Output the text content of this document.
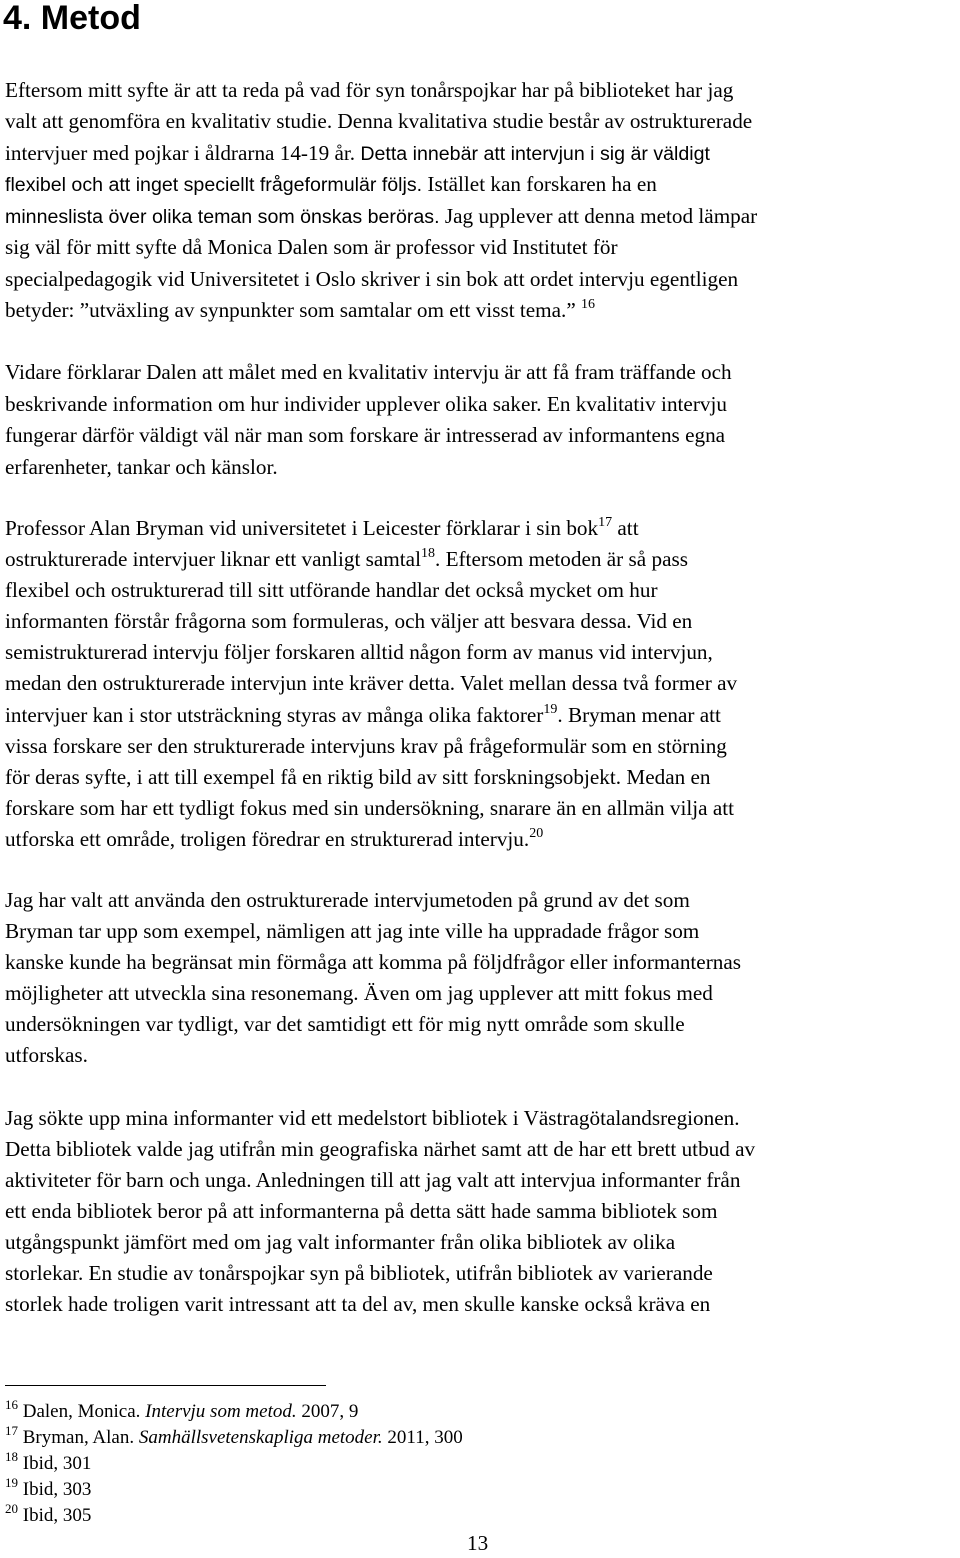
4. Metod

Eftersom mitt syfte är att ta reda på vad för syn tonårspojkar har på biblioteket har jag

valt att genomföra en kvalitativ studie. Denna kvalitativa studie består av ostrukturerade

intervjuer med pojkar i åldrarna 14-19 år. Detta innebär att intervjun i sig är väldigt

flexibel och att inget speciellt frågeformulär följs. Istället kan forskaren ha en

minneslista över olika teman som önskas beröras. Jag upplever att denna metod lämpar

sig väl för mitt syfte då Monica Dalen som är professor vid Institutet för

specialpedagogik vid Universitetet i Oslo skriver i sin bok att ordet intervju egentligen

betyder: ”utväxling av synpunkter som samtalar om ett visst tema.” $^{16}$

Vidare förklarar Dalen att målet med en kvalitativ intervju är att få fram träffande och

beskrivande information om hur individer upplever olika saker. En kvalitativ intervju

fungerar därför väldigt väl när man som forskare är intresserad av informantens egna

erfarenheter, tankar och känslor.

Professor Alan Bryman vid universitetet i Leicester förklarar i sin bok$^{17}$ att

ostrukturerade intervjuer liknar ett vanligt samtal$^{18}$. Eftersom metoden är så pass

flexibel och ostrukturerad till sitt utförande handlar det också mycket om hur

informanten förstår frågorna som formuleras, och väljer att besvara dessa. Vid en

semistrukturerad intervju följer forskaren alltid någon form av manus vid intervjun,

medan den ostrukturerade intervjun inte kräver detta. Valet mellan dessa två former av

intervjuer kan i stor utsträckning styras av många olika faktorer$^{19}$. Bryman menar att

vissa forskare ser den strukturerade intervjuns krav på frågeformulär som en störning

för deras syfte, i att till exempel få en riktig bild av sitt forskningsobjekt. Medan en

forskare som har ett tydligt fokus med sin undersökning, snarare än en allmän vilja att

utforska ett område, troligen föredrar en strukturerad intervju.$^{20}$

Jag har valt att använda den ostrukturerade intervjumetoden på grund av det som

Bryman tar upp som exempel, nämligen att jag inte ville ha uppradade frågor som

kanske kunde ha begränsat min förmåga att komma på följdfrågor eller informanternas

möjligheter att utveckla sina resonemang. Även om jag upplever att mitt fokus med

undersökningen var tydligt, var det samtidigt ett för mig nytt område som skulle

utforskas.

Jag sökte upp mina informanter vid ett medelstort bibliotek i Västragötalandsregionen.

Detta bibliotek valde jag utifrån min geografiska närhet samt att de har ett brett utbud av

aktiviteter för barn och unga. Anledningen till att jag valt att intervjua informanter från

ett enda bibliotek beror på att informanterna på detta sätt hade samma bibliotek som

utgångspunkt jämfört med om jag valt informanter från olika bibliotek av olika

storlekar. En studie av tonårspojkar syn på bibliotek, utifrån bibliotek av varierande

storlek hade troligen varit intressant att ta del av, men skulle kanske också kräva en

$^{16}$ Dalen, Monica. Intervju som metod. 2007, 9

$^{17}$ Bryman, Alan. Samhällsvetenskapliga metoder. 2011, 300

$^{18}$ Ibid, 301

$^{19}$ Ibid, 303

$^{20}$ Ibid, 305

13
